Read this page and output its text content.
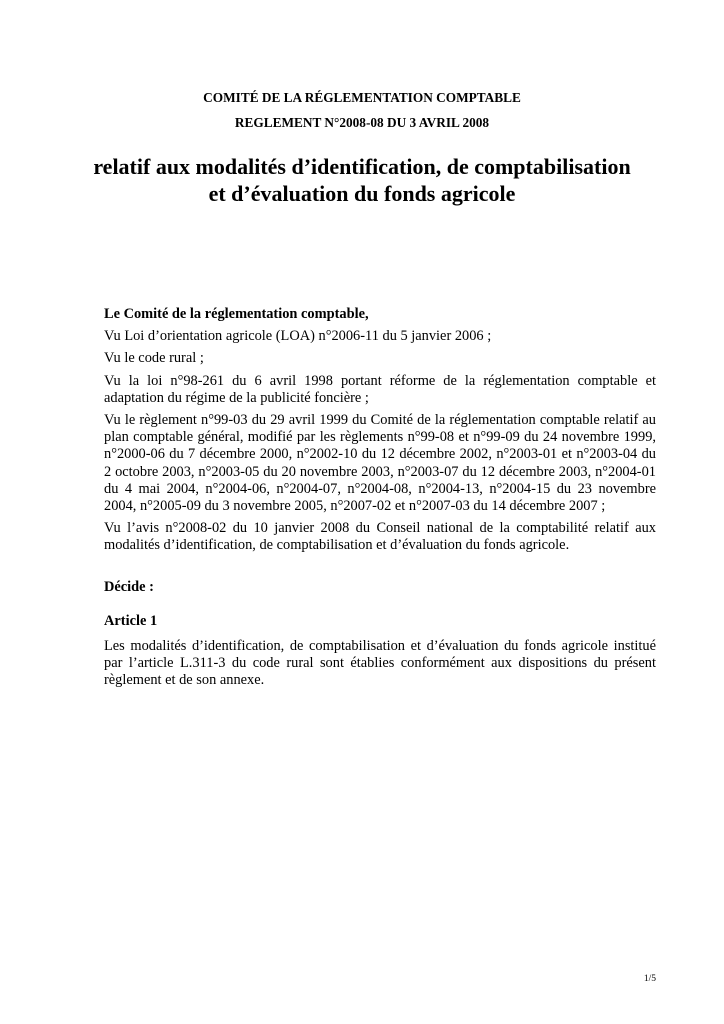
COMITÉ DE LA RÉGLEMENTATION COMPTABLE

REGLEMENT N°2008-08 DU 3 AVRIL 2008

relatif aux modalités d’identification, de comptabilisation
et d’évaluation du fonds agricole

Le Comité de la réglementation comptable,

Vu Loi d’orientation agricole (LOA) n°2006-11 du 5 janvier 2006 ;

Vu le code rural ;

Vu la loi n°98-261 du 6 avril 1998 portant réforme de la réglementation comptable et adaptation du régime de la publicité foncière ;

Vu le règlement n°99-03 du 29 avril 1999 du Comité de la réglementation comptable relatif au plan comptable général, modifié par les règlements n°99-08 et n°99-09 du 24 novembre 1999, n°2000-06 du 7 décembre 2000, n°2002-10 du 12 décembre 2002, n°2003-01 et n°2003-04 du 2 octobre 2003, n°2003-05 du 20 novembre 2003, n°2003-07 du 12 décembre 2003, n°2004-01 du 4 mai 2004, n°2004-06, n°2004-07, n°2004-08, n°2004-13, n°2004-15 du 23 novembre 2004, n°2005-09 du 3 novembre 2005, n°2007-02 et n°2007-03 du 14 décembre 2007 ;

Vu l’avis n°2008-02 du 10 janvier 2008 du Conseil national de la comptabilité relatif aux modalités d’identification, de comptabilisation et d’évaluation du fonds agricole.

Décide :

Article 1

Les modalités d’identification, de comptabilisation et d’évaluation du fonds agricole institué par l’article L.311-3 du code rural sont établies conformément aux dispositions du présent règlement et de son annexe.

1/5
